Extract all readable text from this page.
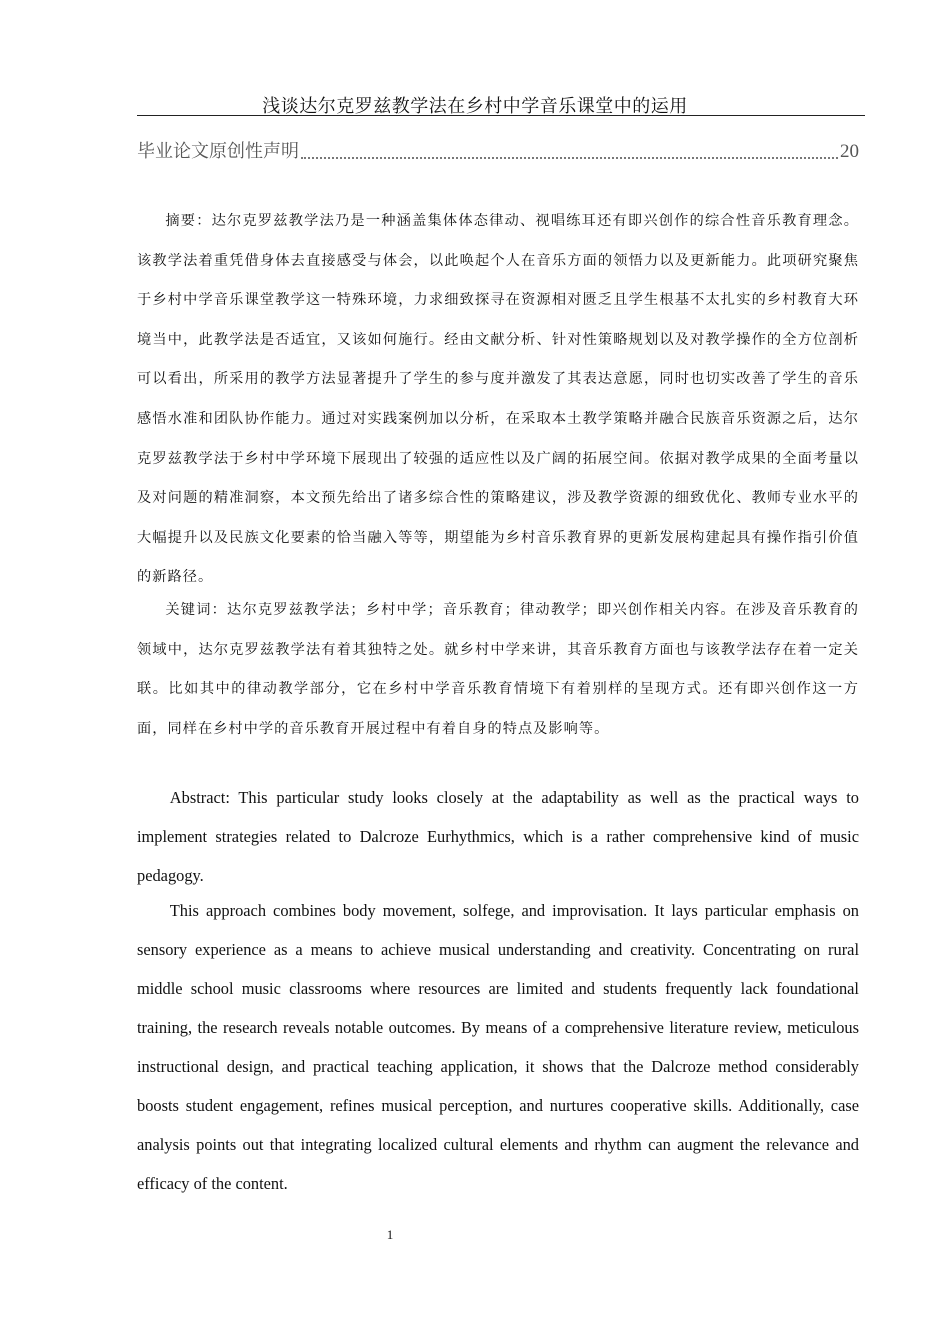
浅谈达尔克罗兹教学法在乡村中学音乐课堂中的运用
毕业论文原创性声明	20
摘要：达尔克罗兹教学法乃是一种涵盖集体体态律动、视唱练耳还有即兴创作的综合性音乐教育理念。该教学法着重凭借身体去直接感受与体会，以此唤起个人在音乐方面的领悟力以及更新能力。此项研究聚焦于乡村中学音乐课堂教学这一特殊环境，力求细致探寻在资源相对匮乏且学生根基不太扎实的乡村教育大环境当中，此教学法是否适宜，又该如何施行。经由文献分析、针对性策略规划以及对教学操作的全方位剖析可以看出，所采用的教学方法显著提升了学生的参与度并激发了其表达意愿，同时也切实改善了学生的音乐感悟水准和团队协作能力。通过对实践案例加以分析，在采取本土教学策略并融合民族音乐资源之后，达尔克罗兹教学法于乡村中学环境下展现出了较强的适应性以及广阔的拓展空间。依据对教学成果的全面考量以及对问题的精准洞察，本文预先给出了诸多综合性的策略建议，涉及教学资源的细致优化、教师专业水平的大幅提升以及民族文化要素的恰当融入等等，期望能为乡村音乐教育界的更新发展构建起具有操作指引价值的新路径。
关键词：达尔克罗兹教学法；乡村中学；音乐教育；律动教学；即兴创作相关内容。在涉及音乐教育的领域中，达尔克罗兹教学法有着其独特之处。就乡村中学来讲，其音乐教育方面也与该教学法存在着一定关联。比如其中的律动教学部分，它在乡村中学音乐教育情境下有着别样的呈现方式。还有即兴创作这一方面，同样在乡村中学的音乐教育开展过程中有着自身的特点及影响等。
Abstract: This particular study looks closely at the adaptability as well as the practical ways to implement strategies related to Dalcroze Eurhythmics, which is a rather comprehensive kind of music pedagogy.
This approach combines body movement, solfege, and improvisation. It lays particular emphasis on sensory experience as a means to achieve musical understanding and creativity. Concentrating on rural middle school music classrooms where resources are limited and students frequently lack foundational training, the research reveals notable outcomes. By means of a comprehensive literature review, meticulous instructional design, and practical teaching application, it shows that the Dalcroze method considerably boosts student engagement, refines musical perception, and nurtures cooperative skills. Additionally, case analysis points out that integrating localized cultural elements and rhythm can augment the relevance and efficacy of the content.
1
